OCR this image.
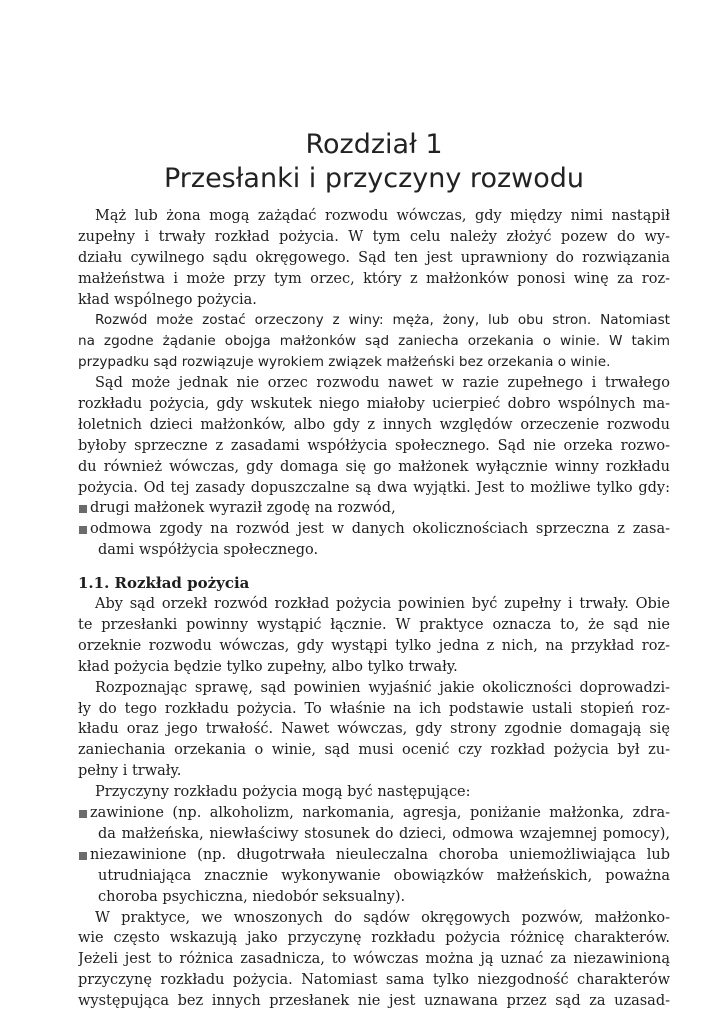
Rozdział 1
Przesłanki i przyczyny rozwodu
Mąż lub żona mogą zażądać rozwodu wówczas, gdy między nimi nastąpił
zupełny i trwały rozkład pożycia. W tym celu należy złożyć pozew do wy-
działu cywilnego sądu okręgowego. Sąd ten jest uprawniony do rozwiązania
małżeństwa i może przy tym orzec, który z małżonków ponosi winę za roz-
kład wspólnego pożycia.
Rozwód może zostać orzeczony z winy: męża, żony, lub obu stron. Natomiast
na zgodne żądanie obojga małżonków sąd zaniecha orzekania o winie. W takim
przypadku sąd rozwiązuje wyrokiem związek małżeński bez orzekania o winie.
Sąd może jednak nie orzec rozwodu nawet w razie zupełnego i trwałego
rozkładu pożycia, gdy wskutek niego miałoby ucierpieć dobro wspólnych ma-
łoletnich dzieci małżonków, albo gdy z innych względów orzeczenie rozwodu
byłoby sprzeczne z zasadami współżycia społecznego. Sąd nie orzeka rozwo-
du również wówczas, gdy domaga się go małżonek wyłącznie winny rozkładu
pożycia. Od tej zasady dopuszczalne są dwa wyjątki. Jest to możliwe tylko gdy:
drugi małżonek wyraził zgodę na rozwód,
odmowa zgody na rozwód jest w danych okolicznościach sprzeczna z zasa-
dami współżycia społecznego.
1.1. Rozkład pożycia
Aby sąd orzekł rozwód rozkład pożycia powinien być zupełny i trwały. Obie
te przesłanki powinny wystąpić łącznie. W praktyce oznacza to, że sąd nie
orzeknie rozwodu wówczas, gdy wystąpi tylko jedna z nich, na przykład roz-
kład pożycia będzie tylko zupełny, albo tylko trwały.
Rozpoznając sprawę, sąd powinien wyjaśnić jakie okoliczności doprowadzi-
ły do tego rozkładu pożycia. To właśnie na ich podstawie ustali stopień roz-
kładu oraz jego trwałość. Nawet wówczas, gdy strony zgodnie domagają się
zaniechania orzekania o winie, sąd musi ocenić czy rozkład pożycia był zu-
pełny i trwały.
Przyczyny rozkładu pożycia mogą być następujące:
zawinione (np. alkoholizm, narkomania, agresja, poniżanie małżonka, zdra-
da małżeńska, niewłaściwy stosunek do dzieci, odmowa wzajemnej pomocy),
niezawinione (np. długotrwała nieuleczalna choroba uniemożliwiająca lub
utrudniająca znacznie wykonywanie obowiązków małżeńskich, poważna
choroba psychiczna, niedobór seksualny).
W praktyce, we wnoszonych do sądów okręgowych pozwów, małżonko-
wie często wskazują jako przyczynę rozkładu pożycia różnicę charakterów.
Jeżeli jest to różnica zasadnicza, to wówczas można ją uznać za niezawinioną
przyczynę rozkładu pożycia. Natomiast sama tylko niezgodność charakterów
występująca bez innych przesłanek nie jest uznawana przez sąd za uzasad-
